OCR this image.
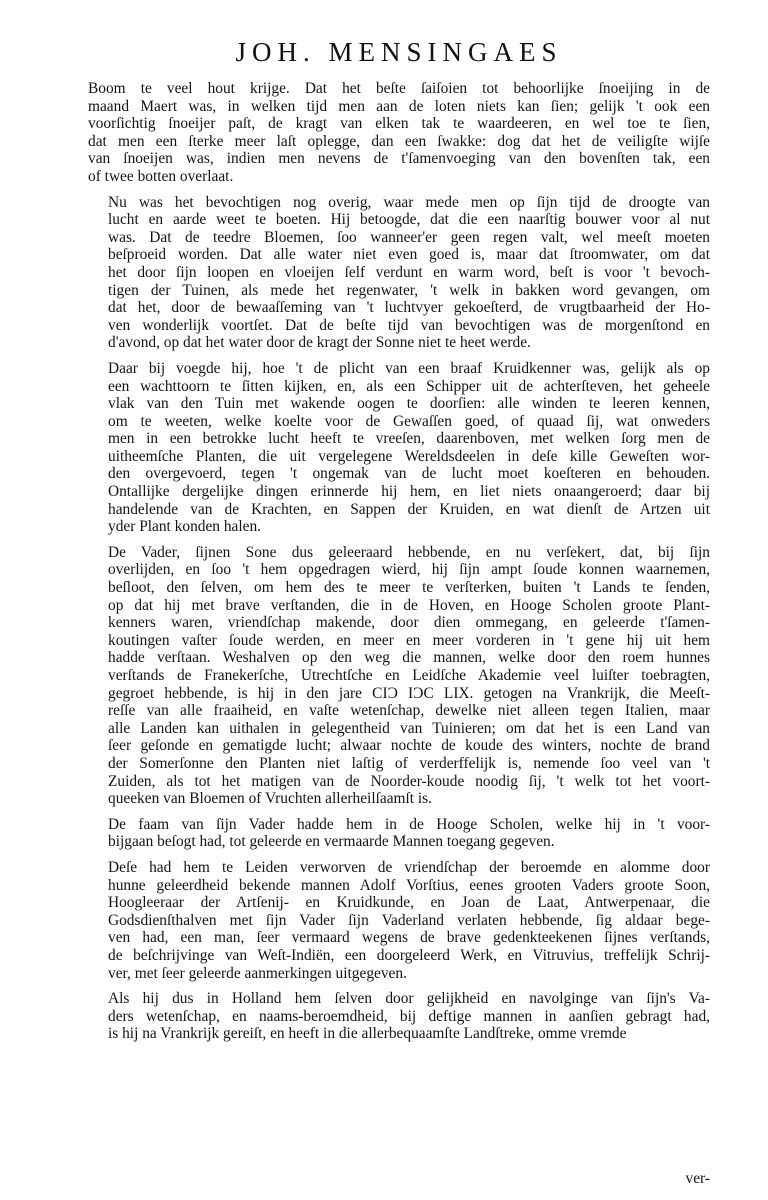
JOH. MENSINGAES
Boom te veel hout krijge. Dat het beſte ſaiſoien tot behoorlijke ſnoeijing in de
maand Maert was, in welken tijd men aan de loten niets kan ſien; gelijk 't ook een
voorſichtig ſnoeijer paſt, de kragt van elken tak te waardeeren, en wel toe te ſien,
dat men een ſterke meer laſt oplegge, dan een ſwakke: dog dat het de veiligſte wijſe
van ſnoeijen was, indien men nevens de t'ſamenvoeging van den bovenſten tak, een
of twee botten overlaat.
Nu was het bevochtigen nog overig, waar mede men op ſijn tijd de droogte van
lucht en aarde weet te boeten. Hij betoogde, dat die een naarſtig bouwer voor al nut
was. Dat de teedre Bloemen, ſoo wanneer'er geen regen valt, wel meeſt moeten
beſproeid worden. Dat alle water niet even goed is, maar dat ſtroomwater, om dat
het door ſijn loopen en vloeijen ſelf verdunt en warm word, beſt is voor 't bevoch-
tigen der Tuinen, als mede het regenwater, 't welk in bakken word gevangen, om
dat het, door de bewaaſſeming van 't luchtvyer gekoeſterd, de vrugtbaarheid der Ho-
ven wonderlijk voortſet. Dat de beſte tijd van bevochtigen was de morgenſtond en
d'avond, op dat het water door de kragt der Sonne niet te heet werde.
Daar bij voegde hij, hoe 't de plicht van een braaf Kruidkenner was, gelijk als op
een wachttoorn te ſitten kijken, en, als een Schipper uit de achterſteven, het geheele
vlak van den Tuin met wakende oogen te doorſien: alle winden te leeren kennen,
om te weeten, welke koelte voor de Gewaſſen goed, of quaad ſij, wat onweders
men in een betrokke lucht heeft te vreeſen, daarenboven, met welken ſorg men de
uitheemſche Planten, die uit vergelegene Wereldsdeelen in deſe kille Geweſten wor-
den overgevoerd, tegen 't ongemak van de lucht moet koeſteren en behouden.
Ontallijke dergelijke dingen erinnerde hij hem, en liet niets onaangeroerd; daar bij
handelende van de Krachten, en Sappen der Kruiden, en wat dienſt de Artzen uit
yder Plant konden halen.
De Vader, ſijnen Sone dus geleeraard hebbende, en nu verſekert, dat, bij ſijn
overlijden, en ſoo 't hem opgedragen wierd, hij ſijn ampt ſoude konnen waarnemen,
beſloot, den ſelven, om hem des te meer te verſterken, buiten 't Lands te ſenden,
op dat hij met brave verſtanden, die in de Hoven, en Hooge Scholen groote Plant-
kenners waren, vriendſchap makende, door dien ommegang, en geleerde t'ſamen-
koutingen vaſter ſoude werden, en meer en meer vorderen in 't gene hij uit hem
hadde verſtaan. Weshalven op den weg die mannen, welke door den roem hunnes
verſtands de Franekerſche, Utrechtſche en Leidſche Akademie veel luiſter toebragten,
gegroet hebbende, is hij in den jare CIƆ IƆC LIX. getogen na Vrankrijk, die Meeſt-
reſſe van alle fraaiheid, en vaſte wetenſchap, dewelke niet alleen tegen Italien, maar
alle Landen kan uithalen in gelegentheid van Tuinieren; om dat het is een Land van
ſeer geſonde en gematigde lucht; alwaar nochte de koude des winters, nochte de brand
der Somerſonne den Planten niet laſtig of verderffelijk is, nemende ſoo veel van 't
Zuiden, als tot het matigen van de Noorder-koude noodig ſij, 't welk tot het voort-
queeken van Bloemen of Vruchten allerheilſaamſt is.
De faam van ſijn Vader hadde hem in de Hooge Scholen, welke hij in 't voor-
bijgaan beſogt had, tot geleerde en vermaarde Mannen toegang gegeven.
Deſe had hem te Leiden verworven de vriendſchap der beroemde en alomme door
hunne geleerdheid bekende mannen Adolf Vorſtius, eenes grooten Vaders groote Soon,
Hoogleeraar der Artſenij- en Kruidkunde, en Joan de Laat, Antwerpenaar, die
Godsdienſthalven met ſijn Vader ſijn Vaderland verlaten hebbende, ſig aldaar bege-
ven had, een man, ſeer vermaard wegens de brave gedenkteekenen ſijnes verſtands,
de beſchrijvinge van Weſt-Indiën, een doorgeleerd Werk, en Vitruvius, treffelijk Schrij-
ver, met ſeer geleerde aanmerkingen uitgegeven.
Als hij dus in Holland hem ſelven door gelijkheid en navolginge van ſijn's Va-
ders wetenſchap, en naams-beroemdheid, bij deftige mannen in aanſien gebragt had,
is hij na Vrankrijk gereiſt, en heeft in die allerbequaamſte Landſtreke, omme vremde
ver-
